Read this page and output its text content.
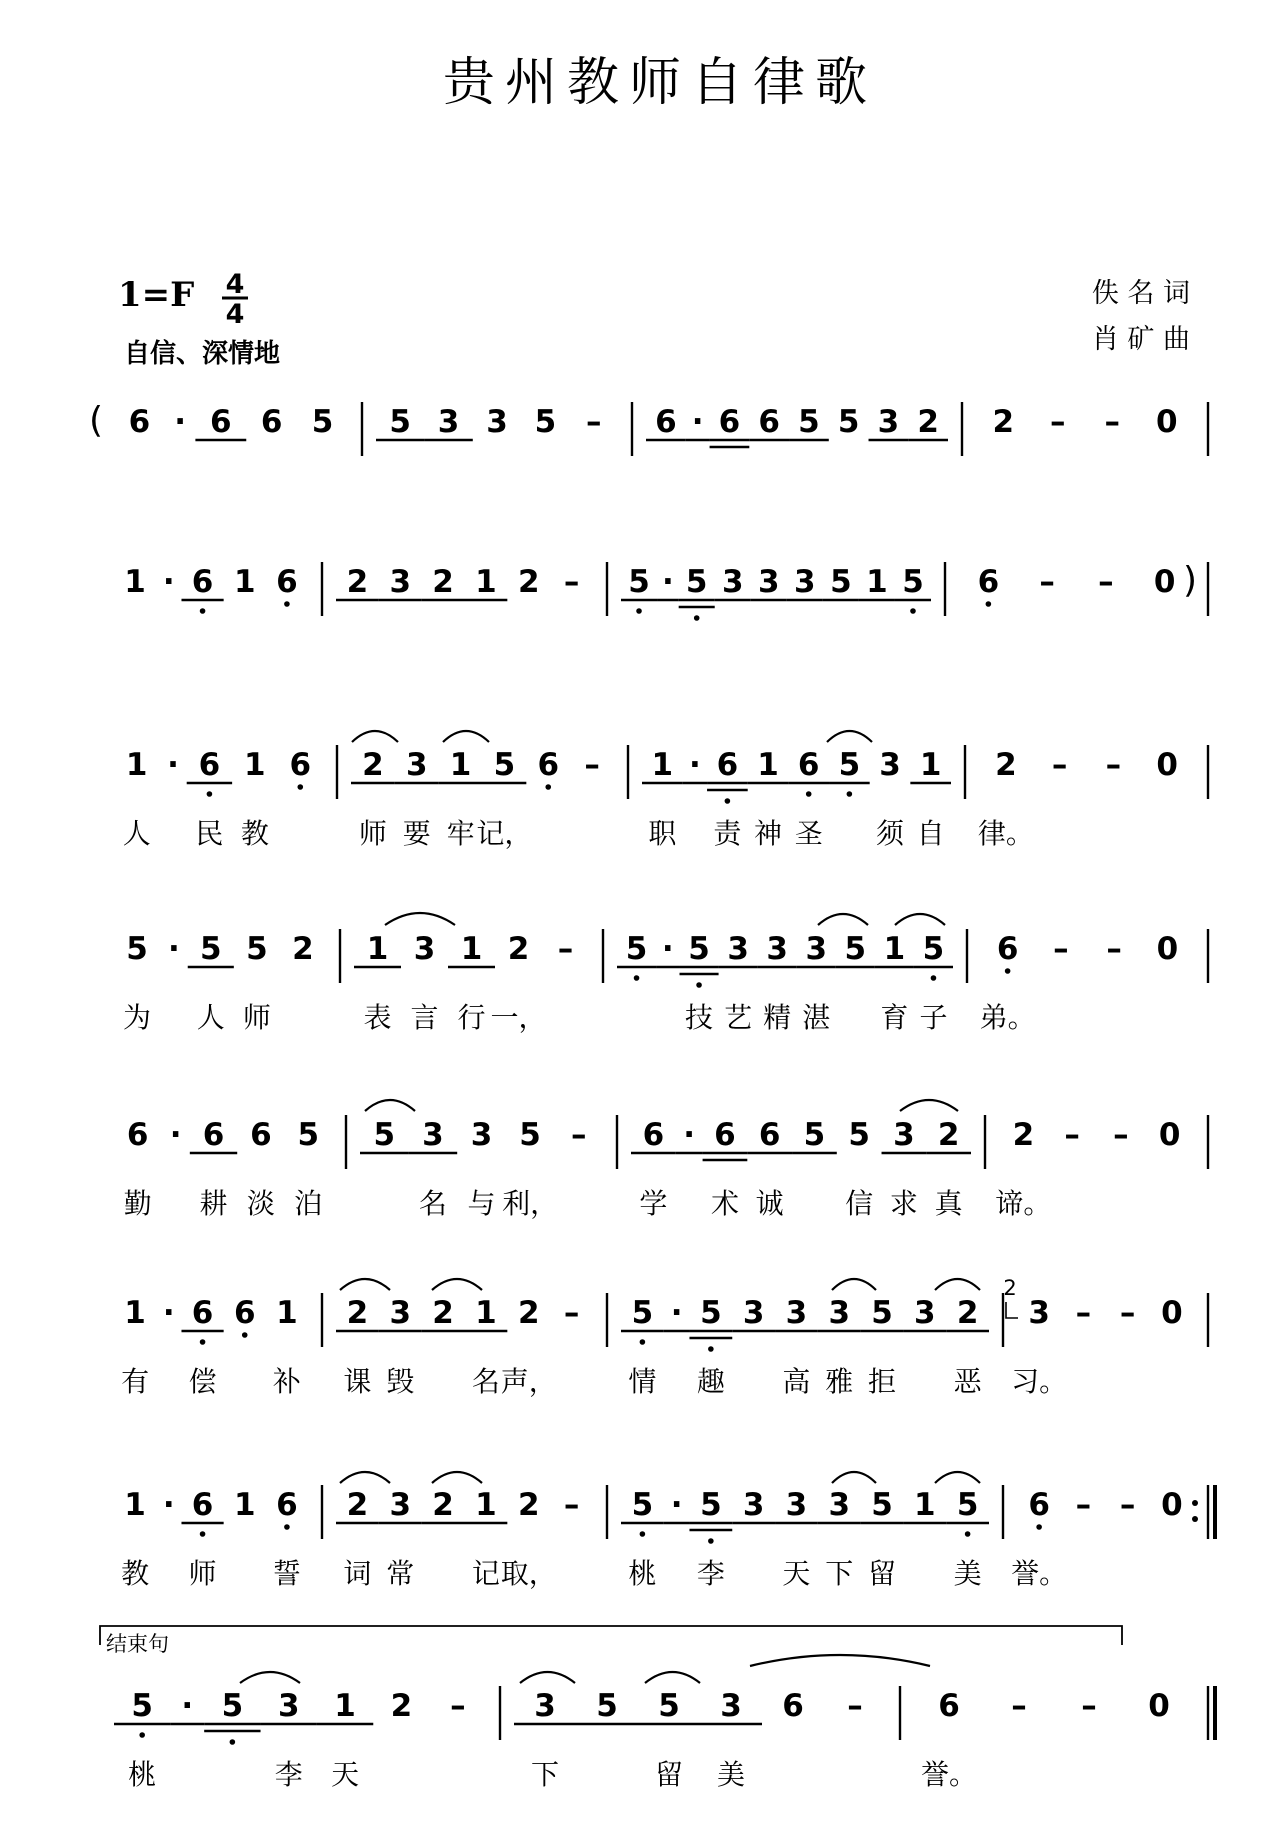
贵州教师自律歌
1=F 4
4
自信、深情地
佚 名 词
肖 矿 曲
( 6 · 6 6 5 5 3 3 5 – 6 · 6 6 5 5 3 2 2 – – 0
1 · 6 1 6 2 3 2 1 2 – 5 · 5 3 3 3 5 1 5 6 – – 0 )
1 · 6 1 6 2 3 1 5 6 – 1 · 6 1 6 5 3 1 2 – – 0
人 民 教	师 要 牢 记，	职 责 神 圣 须 自 律。
5 · 5 5 2 1 3 1 2 – 5 · 5 3 3 3 5 1 5 6 – – 0
为 人 师	表 言 行 一，	技 艺 精 湛 育 子 弟。
6 · 6 6 5 5 3 3 5 – 6 · 6 6 5 5 3 2 2 – – 0
勤 耕 淡 泊	名 与 利，	学 术 诚 信 求 真 谛。
1 · 6 6 1 2 3 2 1 2 – 5 · 5 3 3 3 5 3 2 3 – – 0
有 偿 补 课 毁 名 声，	情 趣 高 雅 拒 恶 习。
1 · 6 1 6 2 3 2 1 2 – 5 · 5 3 3 3 5 1 5 6 – – 0
教 师 誓 词 常 记 取，	桃 李 天 下 留 美 誉。
5 · 5 3 1 2 – 3 5 5 3 6 – 6 – – 0
桃	李 天	下	留 美	誉。
2
结束句
